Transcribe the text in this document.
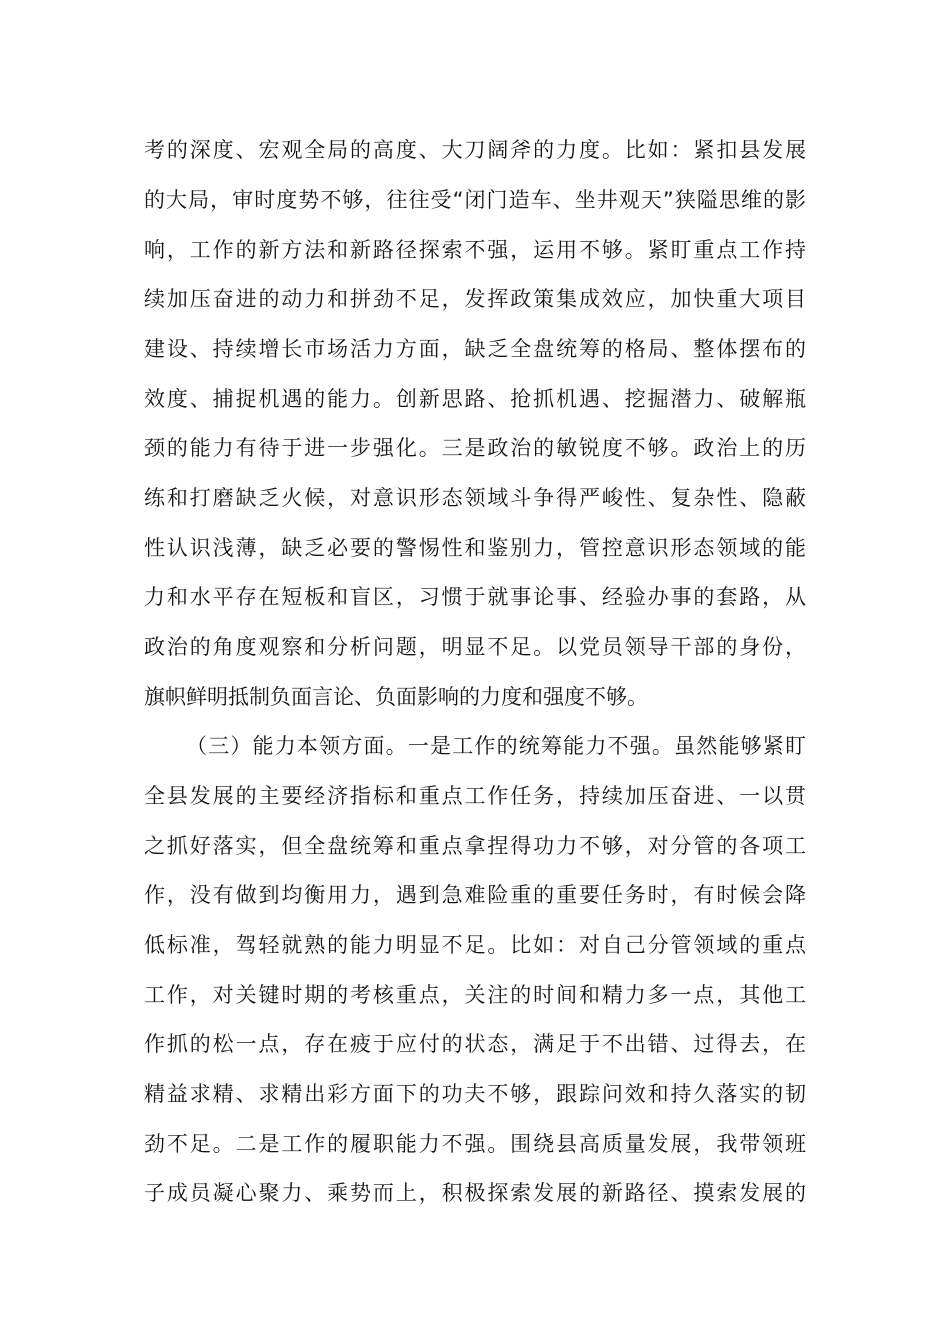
考的深度、宏观全局的高度、大刀阔斧的力度。比如：紧扣县发展

的大局，审时度势不够，往往受“闭门造车、坐井观天”狭隘思维的影

响，工作的新方法和新路径探索不强，运用不够。紧盯重点工作持

续加压奋进的动力和拼劲不足，发挥政策集成效应，加快重大项目

建设、持续增长市场活力方面，缺乏全盘统筹的格局、整体摆布的

效度、捕捉机遇的能力。创新思路、抢抓机遇、挖掘潜力、破解瓶

颈的能力有待于进一步强化。三是政治的敏锐度不够。政治上的历

练和打磨缺乏火候，对意识形态领域斗争得严峻性、复杂性、隐蔽

性认识浅薄，缺乏必要的警惕性和鉴别力，管控意识形态领域的能

力和水平存在短板和盲区，习惯于就事论事、经验办事的套路，从

政治的角度观察和分析问题，明显不足。以党员领导干部的身份，

旗帜鲜明抵制负面言论、负面影响的力度和强度不够。

（三）能力本领方面。一是工作的统筹能力不强。虽然能够紧盯

全县发展的主要经济指标和重点工作任务，持续加压奋进、一以贯

之抓好落实，但全盘统筹和重点拿捏得功力不够，对分管的各项工

作，没有做到均衡用力，遇到急难险重的重要任务时，有时候会降

低标准，驾轻就熟的能力明显不足。比如：对自己分管领域的重点

工作，对关键时期的考核重点，关注的时间和精力多一点，其他工

作抓的松一点，存在疲于应付的状态，满足于不出错、过得去，在

精益求精、求精出彩方面下的功夫不够，跟踪问效和持久落实的韧

劲不足。二是工作的履职能力不强。围绕县高质量发展，我带领班

子成员凝心聚力、乘势而上，积极探索发展的新路径、摸索发展的
